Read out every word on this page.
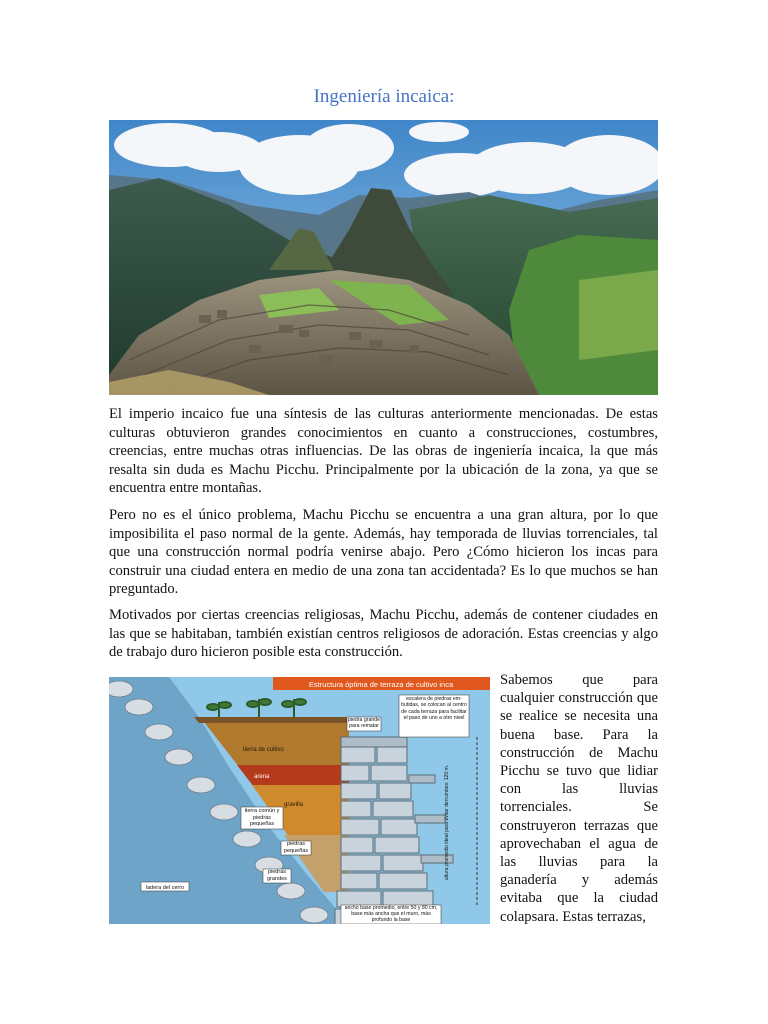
Ingeniería incaica:

El imperio incaico fue una síntesis de las culturas anteriormente mencionadas. De estas culturas obtuvieron grandes conocimientos en cuanto a construcciones, costumbres, creencias, entre muchas otras influencias. De las obras de ingeniería incaica, la que más resalta sin duda es Machu Picchu. Principalmente por la ubicación de la zona, ya que se encuentra entre montañas.

Pero no es el único problema, Machu Picchu se encuentra a una gran altura, por lo que imposibilita el paso normal de la gente. Además, hay temporada de lluvias torrenciales, tal que una construcción normal podría venirse abajo. Pero ¿Cómo hicieron los incas para construir una ciudad entera en medio de una zona tan accidentada? Es lo que muchos se han preguntado.

Motivados por ciertas creencias religiosas, Machu Picchu, además de contener ciudades en las que se habitaban, también existían centros religiosos de adoración. Estas creencias y algo de trabajo duro hicieron posible esta construcción.

Estructura óptima de terraza de cultivo inca
tierra de cultivo
arena
gravilla
tierra común y piedras pequeñas
piedras pequeñas
piedras grandes
ladera del cerro
piedra grande para rematar
escalera de piedras em- butidas, se colocan al centro de cada terraza para facilitar el paso de uno a otro nivel
altura promedio ideal para evitar derrumbes: 120 m.
ancho base promedio, entre 50 y 80 cm, base más ancha que el muro, más profundo la base

Sabemos que para cualquier construcción que se realice se necesita una buena base. Para la construcción de Machu Picchu se tuvo que lidiar con las lluvias torrenciales. Se construyeron terrazas que aprovechaban el agua de las lluvias para la ganadería y además evitaba que la ciudad colapsara. Estas terrazas,
